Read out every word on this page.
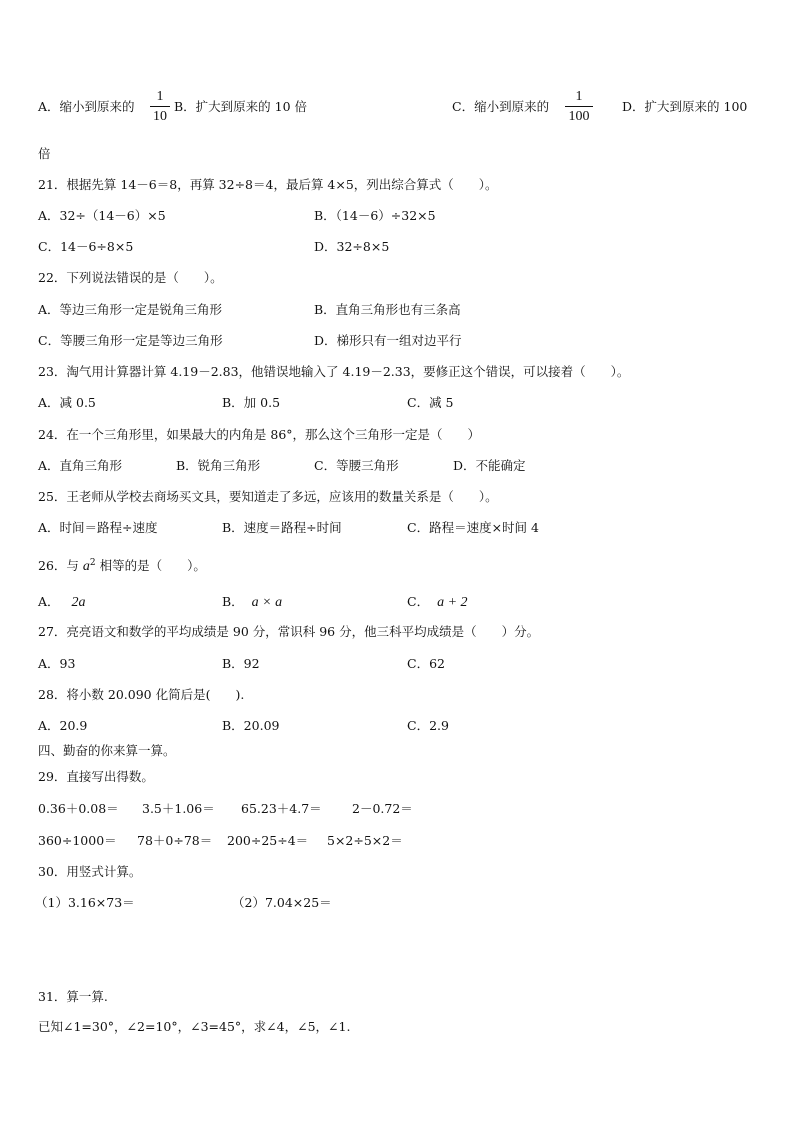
A．缩小到原来的
1
10
B．扩大到原来的 10 倍	C．缩小到原来的
1
100
D．扩大到原来的 100
倍
21．根据先算 14－6＝8，再算 32÷8＝4，最后算 4×5，列出综合算式（　　）。
A．32÷（14－6）×5	B．（14－6）÷32×5
C．14－6÷8×5	D．32÷8×5
22．下列说法错误的是（　　）。
A．等边三角形一定是锐角三角形	B．直角三角形也有三条高
C．等腰三角形一定是等边三角形	D．梯形只有一组对边平行
23．淘气用计算器计算 4.19－2.83，他错误地输入了 4.19－2.33，要修正这个错误，可以接着（　　）。
A．减 0.5	B．加 0.5	C．减 5
24．在一个三角形里，如果最大的内角是 86°，那么这个三角形一定是（　　）
A．直角三角形	B．锐角三角形	C．等腰三角形	D．不能确定
25．王老师从学校去商场买文具，要知道走了多远，应该用的数量关系是（　　）。
A．时间＝路程÷速度	B．速度＝路程÷时间	C．路程＝速度×时间 4
26．与 $a^2$ 相等的是（　　）。
A． 2a	B． a × a	C． a + 2
27．亮亮语文和数学的平均成绩是 90 分，常识科 96 分，他三科平均成绩是（　　）分。
A．93	B．92	C．62
28．将小数 20.090 化简后是(　　).
A．20.9	B．20.09	C．2.9
四、勤奋的你来算一算。
29．直接写出得数。
0.36＋0.08＝ 3.5＋1.06＝ 65.23＋4.7＝ 2－0.72＝
360÷1000＝ 78＋0÷78＝ 200÷25÷4＝ 5×2÷5×2＝
30．用竖式计算。
（1）3.16×73＝	（2）7.04×25＝
31．算一算.
已知∠1=30°，∠2=10°，∠3=45°，求∠4，∠5，∠1.
